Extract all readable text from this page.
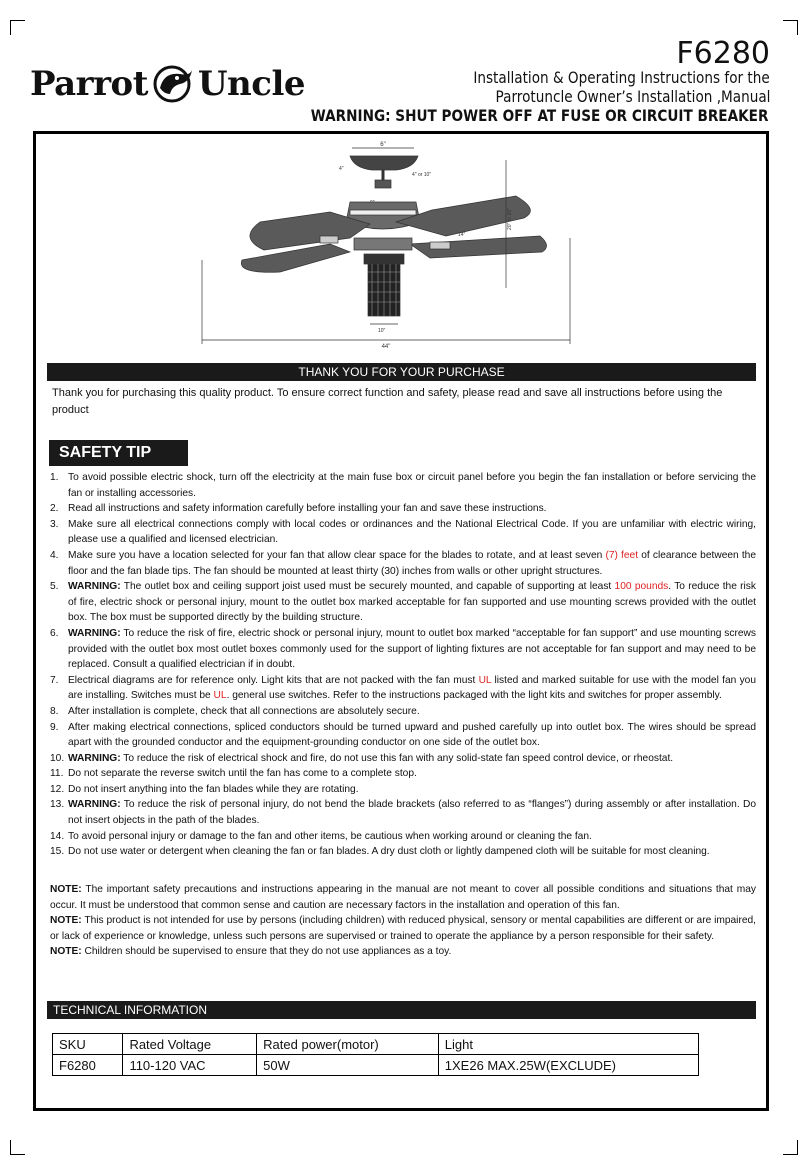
Parrot Uncle
F6280
Installation & Operating Instructions for the
Parrotuncle Owner’s Installation ,Manual
WARNING: SHUT POWER OFF AT FUSE OR CIRCUIT BREAKER
6"
4"
4" or 10"
20" or 26"
14"
10"
44"
THANK YOU FOR YOUR PURCHASE
Thank you for purchasing this quality product. To ensure correct function and safety, please read and save all instructions before using the product
SAFETY TIP
1. To avoid possible electric shock, turn off the electricity at the main fuse box or circuit panel before you begin the fan installation or before servicing the fan or installing accessories.
2. Read all instructions and safety information carefully before installing your fan and save these instructions.
3. Make sure all electrical connections comply with local codes or ordinances and the National Electrical Code. If you are unfamiliar with electric wiring, please use a qualified and licensed electrician.
4. Make sure you have a location selected for your fan that allow clear space for the blades to rotate, and at least seven (7) feet of clearance between the floor and the fan blade tips. The fan should be mounted at least thirty (30) inches from walls or other upright structures.
5. WARNING: The outlet box and ceiling support joist used must be securely mounted, and capable of supporting at least 100 pounds. To reduce the risk of fire, electric shock or personal injury, mount to the outlet box marked acceptable for fan supported and use mounting screws provided with the outlet box. The box must be supported directly by the building structure.
6. WARNING: To reduce the risk of fire, electric shock or personal injury, mount to outlet box marked “acceptable for fan support” and use mounting screws provided with the outlet box most outlet boxes commonly used for the support of lighting fixtures are not acceptable for fan support and may need to be replaced. Consult a qualified electrician if in doubt.
7. Electrical diagrams are for reference only. Light kits that are not packed with the fan must UL listed and marked suitable for use with the model fan you are installing. Switches must be UL. general use switches. Refer to the instructions packaged with the light kits and switches for proper assembly.
8. After installation is complete, check that all connections are absolutely secure.
9. After making electrical connections, spliced conductors should be turned upward and pushed carefully up into outlet box. The wires should be spread apart with the grounded conductor and the equipment-grounding conductor on one side of the outlet box.
10. WARNING: To reduce the risk of electrical shock and fire, do not use this fan with any solid-state fan speed control device, or rheostat.
11. Do not separate the reverse switch until the fan has come to a complete stop.
12. Do not insert anything into the fan blades while they are rotating.
13. WARNING: To reduce the risk of personal injury, do not bend the blade brackets (also referred to as “flanges”) during assembly or after installation. Do not insert objects in the path of the blades.
14. To avoid personal injury or damage to the fan and other items, be cautious when working around or cleaning the fan.
15. Do not use water or detergent when cleaning the fan or fan blades. A dry dust cloth or lightly dampened cloth will be suitable for most cleaning.

NOTE: The important safety precautions and instructions appearing in the manual are not meant to cover all possible conditions and situations that may occur. It must be understood that common sense and caution are necessary factors in the installation and operation of this fan.

NOTE: This product is not intended for use by persons (including children) with reduced physical, sensory or mental capabilities are different or are impaired, or lack of experience or knowledge, unless such persons are supervised or trained to operate the appliance by a person responsible for their safety.

NOTE: Children should be supervised to ensure that they do not use appliances as a toy.

TECHNICAL INFORMATION
SKU	Rated Voltage	Rated power(motor)	Light
F6280	110-120 VAC	50W	1XE26 MAX.25W(EXCLUDE)
